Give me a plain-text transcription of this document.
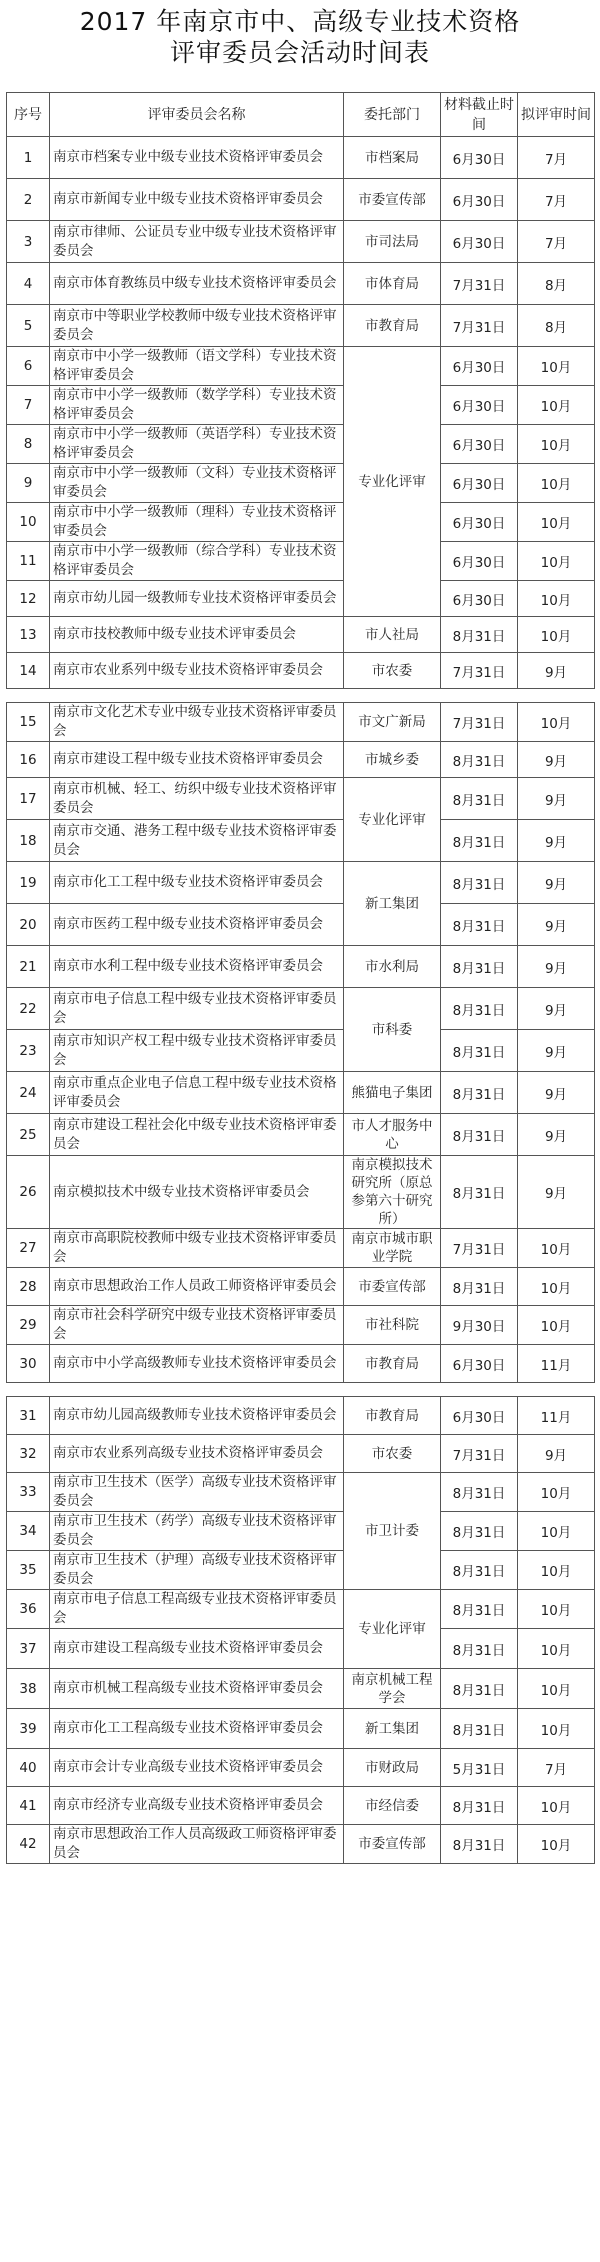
2017 年南京市中、高级专业技术资格
评审委员会活动时间表
序号	评审委员会名称	委托部门	材料截止时间	拟评审时间
1	南京市档案专业中级专业技术资格评审委员会	市档案局	6月30日	7月
2	南京市新闻专业中级专业技术资格评审委员会	市委宣传部	6月30日	7月
3	南京市律师、公证员专业中级专业技术资格评审委员会	市司法局	6月30日	7月
4	南京市体育教练员中级专业技术资格评审委员会	市体育局	7月31日	8月
5	南京市中等职业学校教师中级专业技术资格评审委员会	市教育局	7月31日	8月
6	南京市中小学一级教师（语文学科）专业技术资格评审委员会	专业化评审	6月30日	10月
7	南京市中小学一级教师（数学学科）专业技术资格评审委员会		6月30日	10月
8	南京市中小学一级教师（英语学科）专业技术资格评审委员会		6月30日	10月
9	南京市中小学一级教师（文科）专业技术资格评审委员会		6月30日	10月
10	南京市中小学一级教师（理科）专业技术资格评审委员会		6月30日	10月
11	南京市中小学一级教师（综合学科）专业技术资格评审委员会		6月30日	10月
12	南京市幼儿园一级教师专业技术资格评审委员会		6月30日	10月
13	南京市技校教师中级专业技术评审委员会	市人社局	8月31日	10月
14	南京市农业系列中级专业技术资格评审委员会	市农委	7月31日	9月

15	南京市文化艺术专业中级专业技术资格评审委员会	市文广新局	7月31日	10月
16	南京市建设工程中级专业技术资格评审委员会	市城乡委	8月31日	9月
17	南京市机械、轻工、纺织中级专业技术资格评审委员会	专业化评审	8月31日	9月
18	南京市交通、港务工程中级专业技术资格评审委员会		8月31日	9月
19	南京市化工工程中级专业技术资格评审委员会	新工集团	8月31日	9月
20	南京市医药工程中级专业技术资格评审委员会		8月31日	9月
21	南京市水利工程中级专业技术资格评审委员会	市水利局	8月31日	9月
22	南京市电子信息工程中级专业技术资格评审委员会	市科委	8月31日	9月
23	南京市知识产权工程中级专业技术资格评审委员会		8月31日	9月
24	南京市重点企业电子信息工程中级专业技术资格评审委员会	熊猫电子集团	8月31日	9月
25	南京市建设工程社会化中级专业技术资格评审委员会	市人才服务中心	8月31日	9月
26	南京模拟技术中级专业技术资格评审委员会	南京模拟技术研究所（原总参第六十研究所）	8月31日	9月
27	南京市高职院校教师中级专业技术资格评审委员会	南京市城市职业学院	7月31日	10月
28	南京市思想政治工作人员政工师资格评审委员会	市委宣传部	8月31日	10月
29	南京市社会科学研究中级专业技术资格评审委员会	市社科院	9月30日	10月
30	南京市中小学高级教师专业技术资格评审委员会	市教育局	6月30日	11月

31	南京市幼儿园高级教师专业技术资格评审委员会	市教育局	6月30日	11月
32	南京市农业系列高级专业技术资格评审委员会	市农委	7月31日	9月
33	南京市卫生技术（医学）高级专业技术资格评审委员会	市卫计委	8月31日	10月
34	南京市卫生技术（药学）高级专业技术资格评审委员会		8月31日	10月
35	南京市卫生技术（护理）高级专业技术资格评审委员会		8月31日	10月
36	南京市电子信息工程高级专业技术资格评审委员会	专业化评审	8月31日	10月
37	南京市建设工程高级专业技术资格评审委员会		8月31日	10月
38	南京市机械工程高级专业技术资格评审委员会	南京机械工程学会	8月31日	10月
39	南京市化工工程高级专业技术资格评审委员会	新工集团	8月31日	10月
40	南京市会计专业高级专业技术资格评审委员会	市财政局	5月31日	7月
41	南京市经济专业高级专业技术资格评审委员会	市经信委	8月31日	10月
42	南京市思想政治工作人员高级政工师资格评审委员会	市委宣传部	8月31日	10月
